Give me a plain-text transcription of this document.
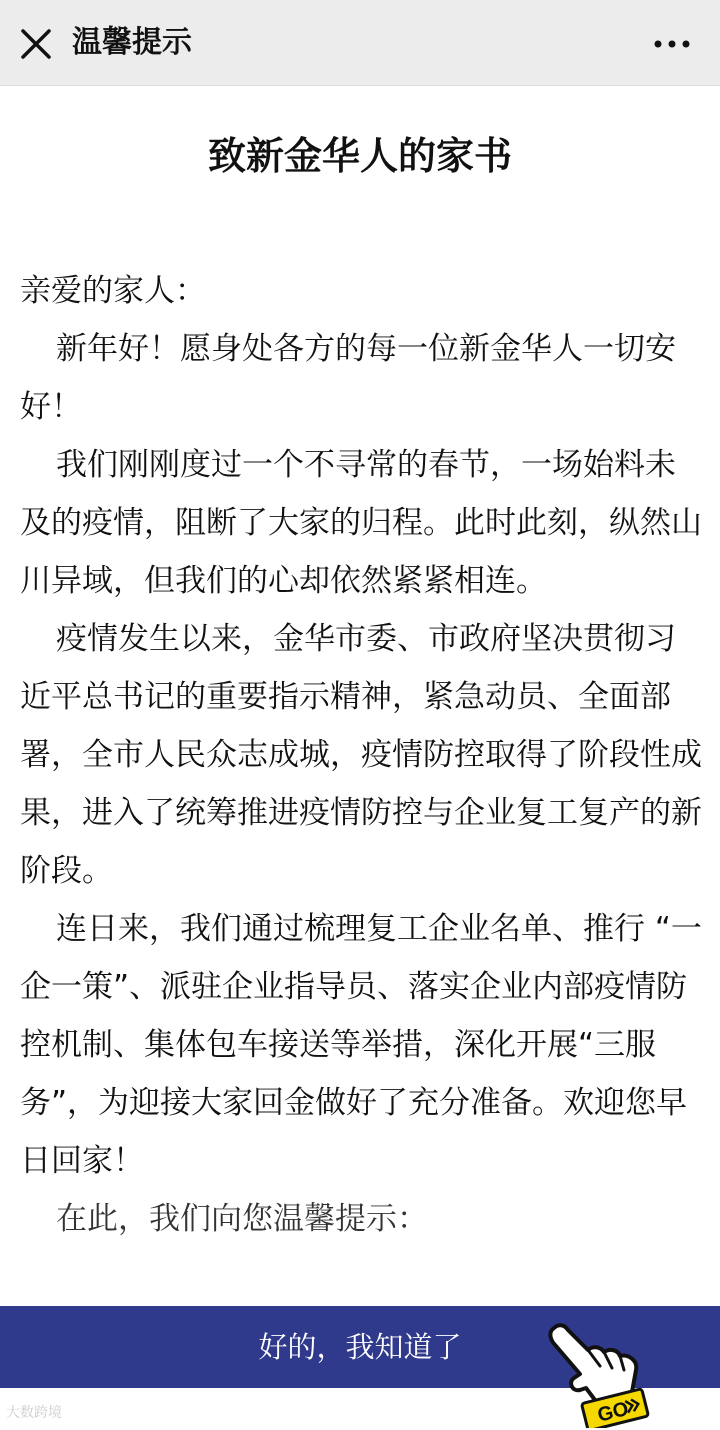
温馨提示
致新金华人的家书

亲爱的家人：

新年好！愿身处各方的每一位新金华人一切安好！

我们刚刚度过一个不寻常的春节，一场始料未及的疫情，阻断了大家的归程。此时此刻，纵然山川异域，但我们的心却依然紧紧相连。

疫情发生以来，金华市委、市政府坚决贯彻习近平总书记的重要指示精神，紧急动员、全面部署，全市人民众志成城，疫情防控取得了阶段性成果，进入了统筹推进疫情防控与企业复工复产的新阶段。

连日来，我们通过梳理复工企业名单、推行 “一企一策”、派驻企业指导员、落实企业内部疫情防控机制、集体包车接送等举措，深化开展“三服务”，为迎接大家回金做好了充分准备。欢迎您早日回家！

在此，我们向您温馨提示：

好的，我知道了
GO
大数跨境
